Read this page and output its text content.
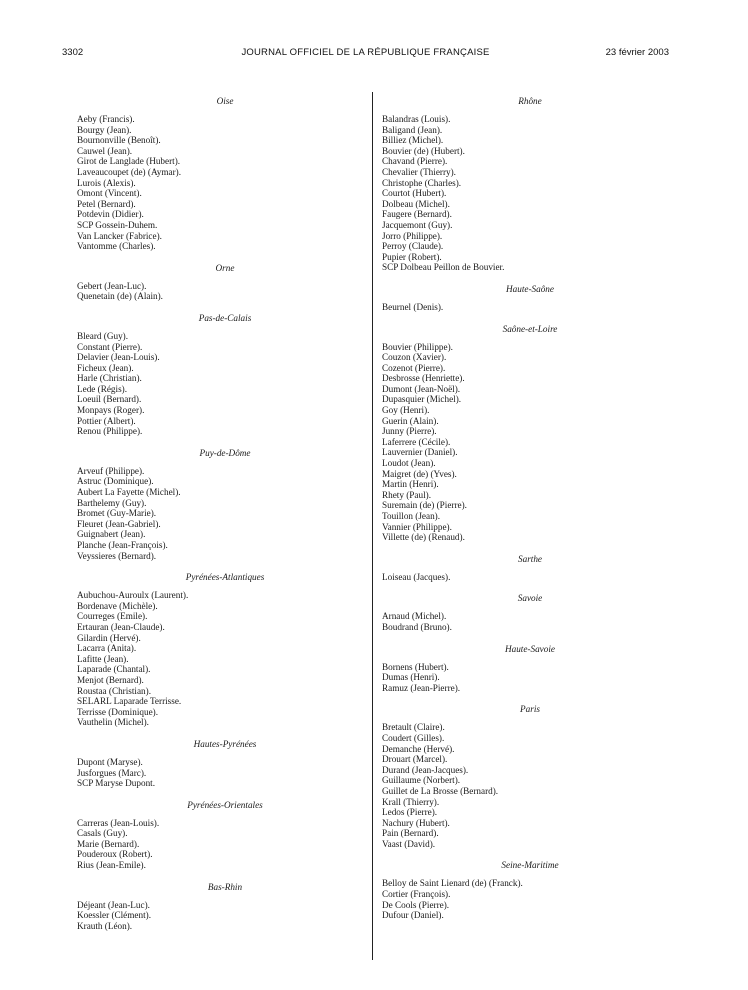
3302	JOURNAL OFFICIEL DE LA RÉPUBLIQUE FRANÇAISE	23 février 2003
Oise
Aeby (Francis).
Bourgy (Jean).
Bournonville (Benoît).
Cauwel (Jean).
Girot de Langlade (Hubert).
Laveaucoupet (de) (Aymar).
Lurois (Alexis).
Omont (Vincent).
Petel (Bernard).
Potdevin (Didier).
SCP Gossein-Duhem.
Van Lancker (Fabrice).
Vantomme (Charles).
Orne
Gebert (Jean-Luc).
Quenetain (de) (Alain).
Pas-de-Calais
Bleard (Guy).
Constant (Pierre).
Delavier (Jean-Louis).
Ficheux (Jean).
Harle (Christian).
Lede (Régis).
Loeuil (Bernard).
Monpays (Roger).
Pottier (Albert).
Renou (Philippe).
Puy-de-Dôme
Arveuf (Philippe).
Astruc (Dominique).
Aubert La Fayette (Michel).
Barthelemy (Guy).
Bromet (Guy-Marie).
Fleuret (Jean-Gabriel).
Guignabert (Jean).
Planche (Jean-François).
Veyssieres (Bernard).
Pyrénées-Atlantiques
Aubuchou-Auroulx (Laurent).
Bordenave (Michèle).
Courreges (Emile).
Ertauran (Jean-Claude).
Gilardin (Hervé).
Lacarra (Anita).
Lafitte (Jean).
Laparade (Chantal).
Menjot (Bernard).
Roustaa (Christian).
SELARL Laparade Terrisse.
Terrisse (Dominique).
Vauthelin (Michel).
Hautes-Pyrénées
Dupont (Maryse).
Jusforgues (Marc).
SCP Maryse Dupont.
Pyrénées-Orientales
Carreras (Jean-Louis).
Casals (Guy).
Marie (Bernard).
Pouderoux (Robert).
Rius (Jean-Emile).
Bas-Rhin
Déjeant (Jean-Luc).
Koessler (Clément).
Krauth (Léon).
Rhône
Balandras (Louis).
Baligand (Jean).
Billiez (Michel).
Bouvier (de) (Hubert).
Chavand (Pierre).
Chevalier (Thierry).
Christophe (Charles).
Courtot (Hubert).
Dolbeau (Michel).
Faugere (Bernard).
Jacquemont (Guy).
Jorro (Philippe).
Perroy (Claude).
Pupier (Robert).
SCP Dolbeau Peillon de Bouvier.
Haute-Saône
Beurnel (Denis).
Saône-et-Loire
Bouvier (Philippe).
Couzon (Xavier).
Cozenot (Pierre).
Desbrosse (Henriette).
Dumont (Jean-Noël).
Dupasquier (Michel).
Goy (Henri).
Guerin (Alain).
Junny (Pierre).
Laferrere (Cécile).
Lauvernier (Daniel).
Loudot (Jean).
Maigret (de) (Yves).
Martin (Henri).
Rhety (Paul).
Suremain (de) (Pierre).
Touillon (Jean).
Vannier (Philippe).
Villette (de) (Renaud).
Sarthe
Loiseau (Jacques).
Savoie
Arnaud (Michel).
Boudrand (Bruno).
Haute-Savoie
Bornens (Hubert).
Dumas (Henri).
Ramuz (Jean-Pierre).
Paris
Bretault (Claire).
Coudert (Gilles).
Demanche (Hervé).
Drouart (Marcel).
Durand (Jean-Jacques).
Guillaume (Norbert).
Guillet de La Brosse (Bernard).
Krall (Thierry).
Ledos (Pierre).
Nachury (Hubert).
Pain (Bernard).
Vaast (David).
Seine-Maritime
Belloy de Saint Lienard (de) (Franck).
Cortier (François).
De Cools (Pierre).
Dufour (Daniel).
